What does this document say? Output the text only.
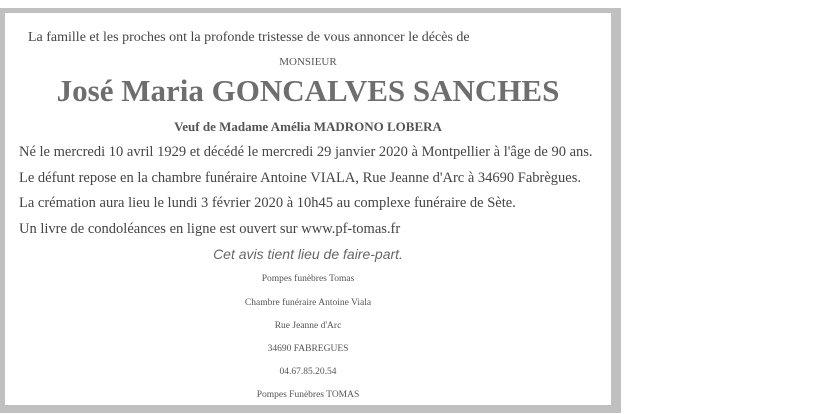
La famille et les proches ont la profonde tristesse de vous annoncer le décès de
MONSIEUR
José Maria GONCALVES SANCHES
Veuf de Madame Amélia MADRONO LOBERA
Né le mercredi 10 avril 1929 et décédé le mercredi 29 janvier 2020 à Montpellier à l'âge de 90 ans.
Le défunt repose en la chambre funéraire Antoine VIALA, Rue Jeanne d'Arc à 34690 Fabrègues.
La crémation aura lieu le lundi 3 février 2020 à 10h45 au complexe funéraire de Sète.
Un livre de condoléances en ligne est ouvert sur www.pf-tomas.fr
Cet avis tient lieu de faire-part.
Pompes funèbres Tomas
Chambre funéraire Antoine Viala
Rue Jeanne d'Arc
34690 FABREGUES
04.67.85.20.54
Pompes Funèbres TOMAS
